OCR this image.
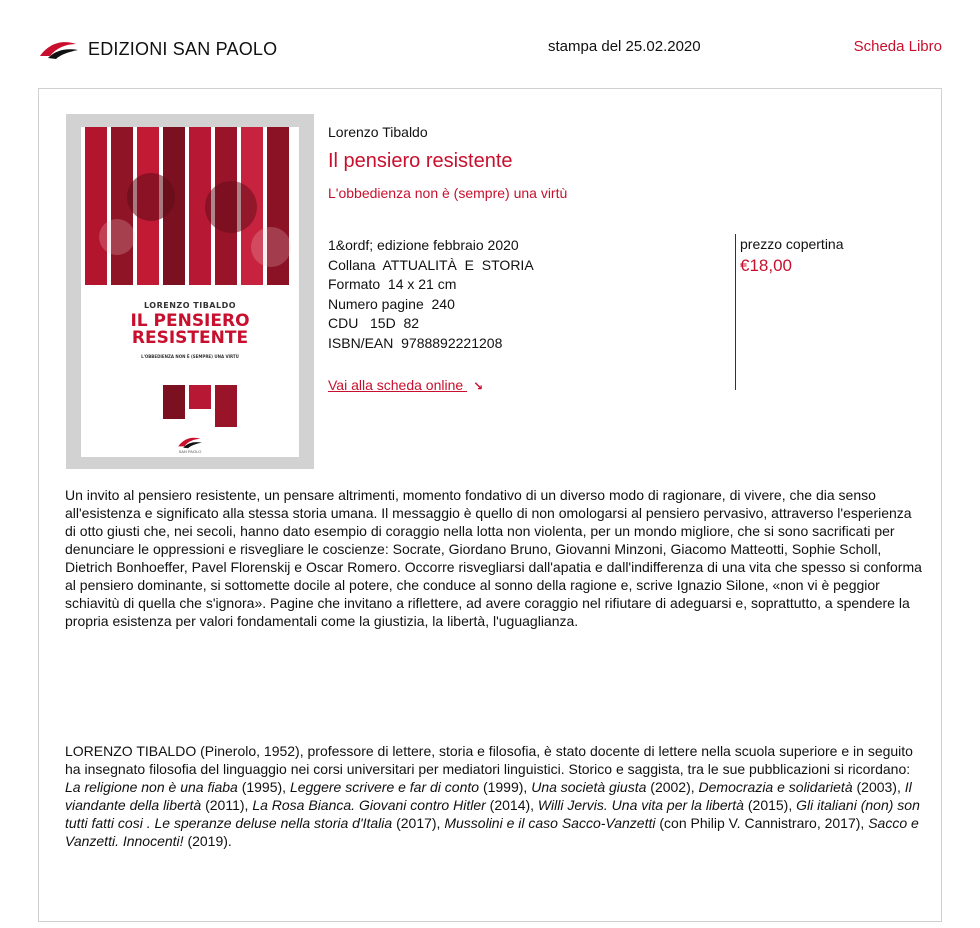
EDIZIONI SAN PAOLO	stampa del 25.02.2020	Scheda Libro
LORENZO TIBALDO
IL PENSIERO
RESISTENTE
L'OBBEDIENZA NON È (SEMPRE) UNA VIRTÙ
SAN PAOLO
Lorenzo Tibaldo
Il pensiero resistente
L'obbedienza non è (sempre) una virtù
1&ordf; edizione febbraio 2020
Collana  ATTUALITÀ  E  STORIA
Formato  14 x 21 cm
Numero pagine  240
CDU   15D  82
ISBN/EAN  9788892221208
Vai alla scheda online ↘
prezzo copertina
€18,00
Un invito al pensiero resistente, un pensare altrimenti, momento fondativo di un diverso modo di ragionare, di vivere, che dia senso all'esistenza e significato alla stessa storia umana. Il messaggio è quello di non omologarsi al pensiero pervasivo, attraverso l'esperienza di otto giusti che, nei secoli, hanno dato esempio di coraggio nella lotta non violenta, per un mondo migliore, che si sono sacrificati per denunciare le oppressioni e risvegliare le coscienze: Socrate, Giordano Bruno, Giovanni Minzoni, Giacomo Matteotti, Sophie Scholl, Dietrich Bonhoeffer, Pavel Florenskij e Oscar Romero. Occorre risvegliarsi dall'apatia e dall'indifferenza di una vita che spesso si conforma al pensiero dominante, si sottomette docile al potere, che conduce al sonno della ragione e, scrive Ignazio Silone, «non vi è peggior schiavitù di quella che s'ignora». Pagine che invitano a riflettere, ad avere coraggio nel rifiutare di adeguarsi e, soprattutto, a spendere la propria esistenza per valori fondamentali come la giustizia, la libertà, l'uguaglianza.
LORENZO TIBALDO (Pinerolo, 1952), professore di lettere, storia e filosofia, è stato docente di lettere nella scuola superiore e in seguito ha insegnato filosofia del linguaggio nei corsi universitari per mediatori linguistici. Storico e saggista, tra le sue pubblicazioni si ricordano: La religione non è una fiaba (1995), Leggere scrivere e far di conto (1999), Una società giusta (2002), Democrazia e solidarietà (2003), Il viandante della libertà (2011), La Rosa Bianca. Giovani contro Hitler (2014), Willi Jervis. Una vita per la libertà (2015), Gli italiani (non) son tutti fatti cosi . Le speranze deluse nella storia d'Italia (2017), Mussolini e il caso Sacco-Vanzetti (con Philip V. Cannistraro, 2017), Sacco e Vanzetti. Innocenti! (2019).
